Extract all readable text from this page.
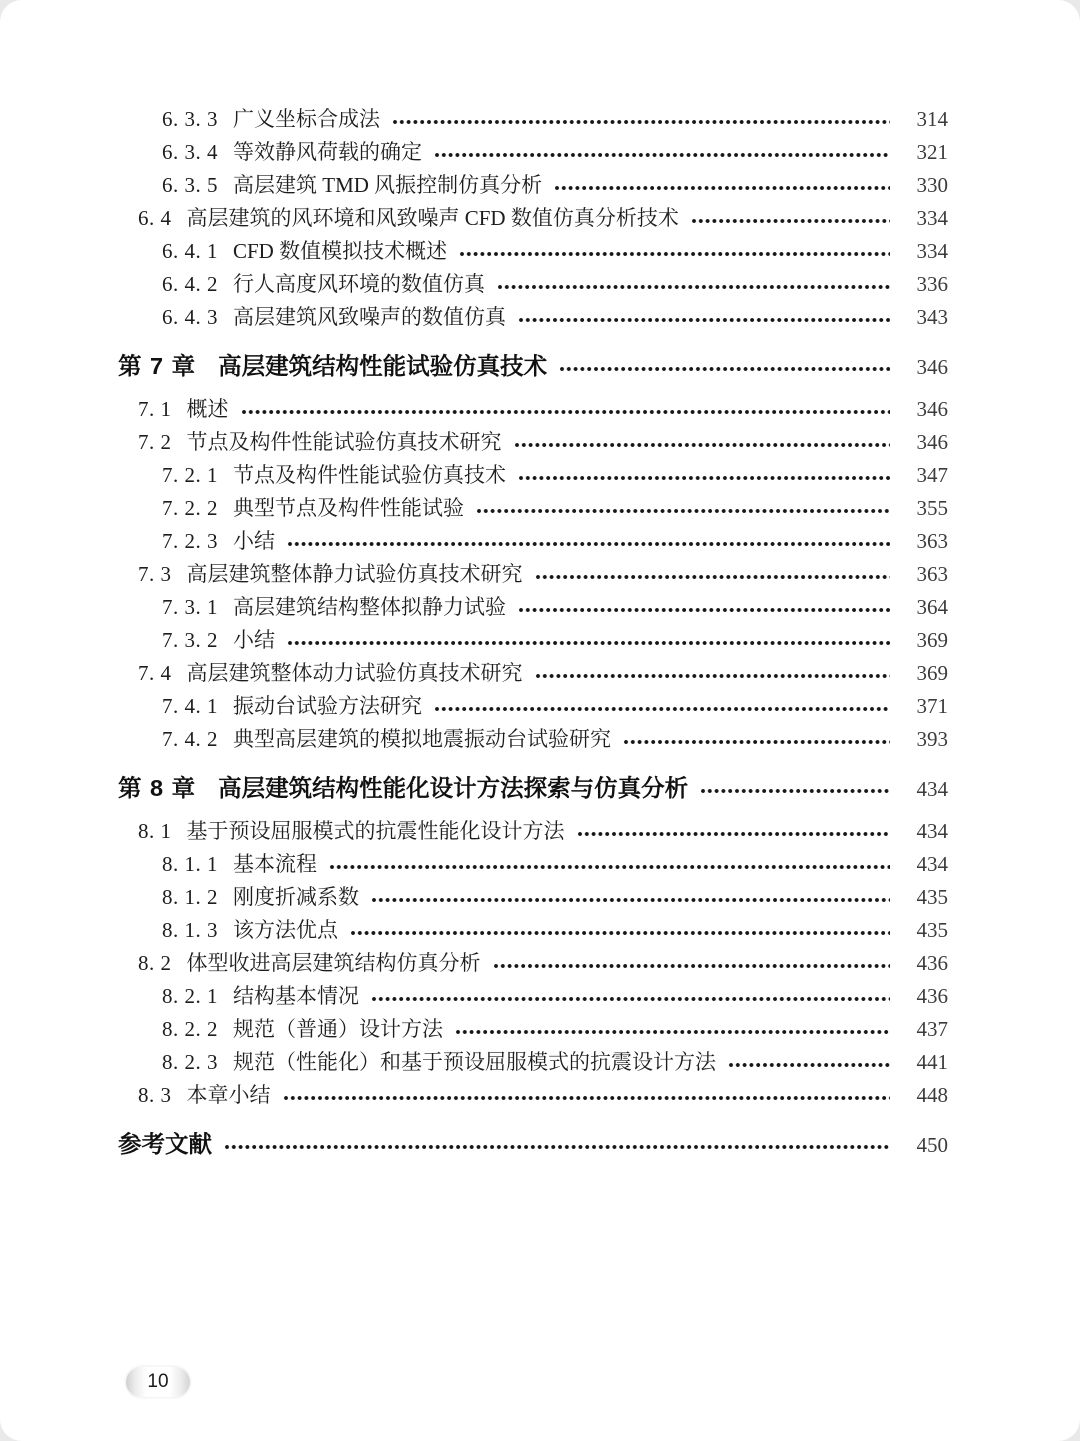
6. 3. 3 广义坐标合成法	314
6. 3. 4 等效静风荷载的确定	321
6. 3. 5 高层建筑 TMD 风振控制仿真分析	330
6. 4 高层建筑的风环境和风致噪声 CFD 数值仿真分析技术	334
6. 4. 1 CFD 数值模拟技术概述	334
6. 4. 2 行人高度风环境的数值仿真	336
6. 4. 3 高层建筑风致噪声的数值仿真	343
第 7 章 高层建筑结构性能试验仿真技术	346
7. 1 概述	346
7. 2 节点及构件性能试验仿真技术研究	346
7. 2. 1 节点及构件性能试验仿真技术	347
7. 2. 2 典型节点及构件性能试验	355
7. 2. 3 小结	363
7. 3 高层建筑整体静力试验仿真技术研究	363
7. 3. 1 高层建筑结构整体拟静力试验	364
7. 3. 2 小结	369
7. 4 高层建筑整体动力试验仿真技术研究	369
7. 4. 1 振动台试验方法研究	371
7. 4. 2 典型高层建筑的模拟地震振动台试验研究	393
第 8 章 高层建筑结构性能化设计方法探索与仿真分析	434
8. 1 基于预设屈服模式的抗震性能化设计方法	434
8. 1. 1 基本流程	434
8. 1. 2 刚度折减系数	435
8. 1. 3 该方法优点	435
8. 2 体型收进高层建筑结构仿真分析	436
8. 2. 1 结构基本情况	436
8. 2. 2 规范（普通）设计方法	437
8. 2. 3 规范（性能化）和基于预设屈服模式的抗震设计方法	441
8. 3 本章小结	448
参考文献	450
10
